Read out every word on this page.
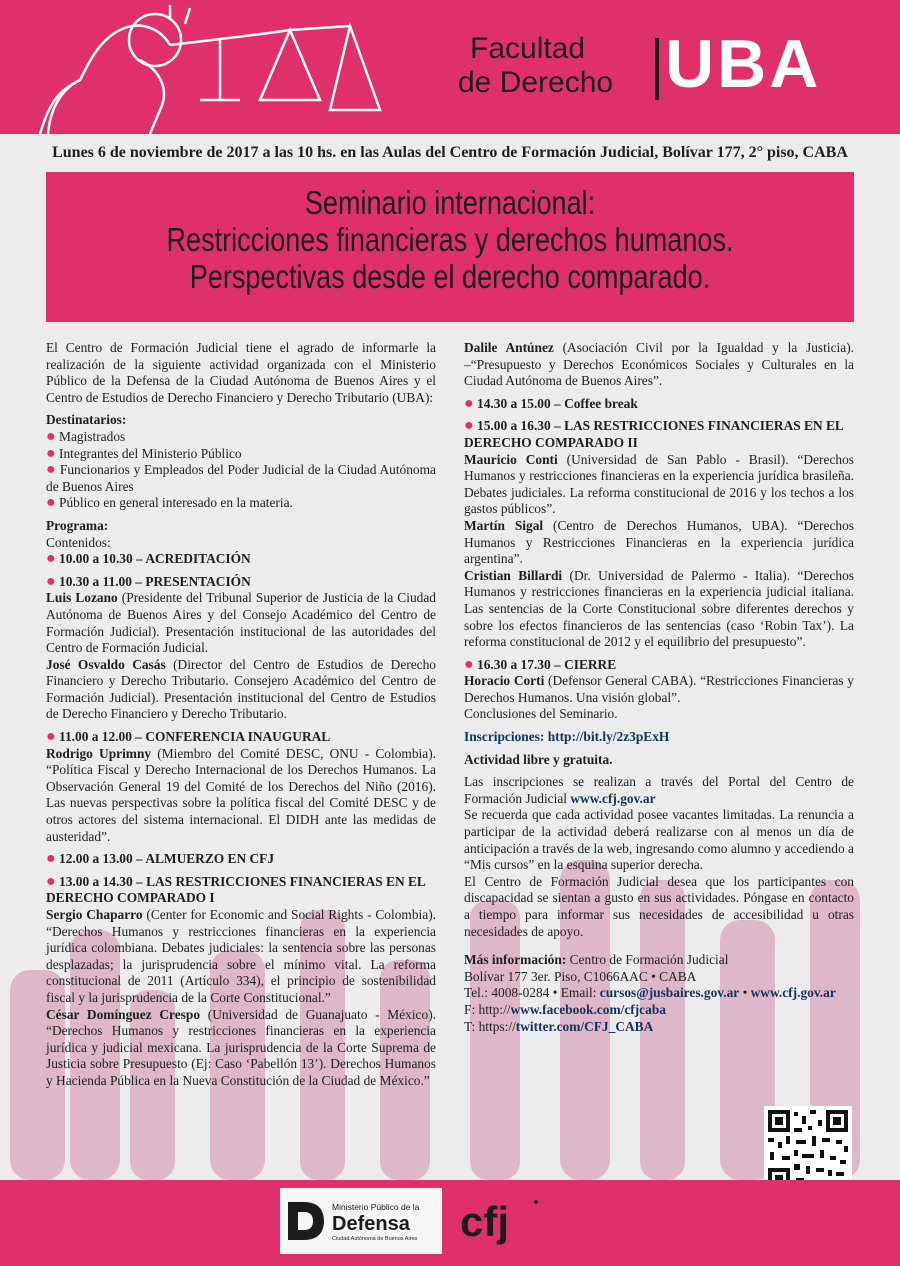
Facultad
de Derecho UBA
Lunes 6 de noviembre de 2017 a las 10 hs. en las Aulas del Centro de Formación Judicial, Bolívar 177, 2° piso, CABA
Seminario internacional:
Restricciones financieras y derechos humanos.
Perspectivas desde el derecho comparado.

El Centro de Formación Judicial tiene el agrado de informarle la realización de la siguiente actividad organizada con el Ministerio Público de la Defensa de la Ciudad Autónoma de Buenos Aires y el Centro de Estudios de Derecho Financiero y Derecho Tributario (UBA):

Destinatarios:

● Magistrados

● Integrantes del Ministerio Público

● Funcionarios y Empleados del Poder Judicial de la Ciudad Autónoma de Buenos Aires

● Público en general interesado en la materia.

Programa:

Contenidos:

● 10.00 a 10.30 – ACREDITACIÓN

● 10.30 a 11.00 – PRESENTACIÓN

Luis Lozano (Presidente del Tribunal Superior de Justicia de la Ciudad Autónoma de Buenos Aires y del Consejo Académico del Centro de Formación Judicial). Presentación institucional de las autoridades del Centro de Formación Judicial.

José Osvaldo Casás (Director del Centro de Estudios de Derecho Financiero y Derecho Tributario. Consejero Académico del Centro de Formación Judicial). Presentación institucional del Centro de Estudios de Derecho Financiero y Derecho Tributario.

● 11.00 a 12.00 – CONFERENCIA INAUGURAL

Rodrigo Uprimny (Miembro del Comité DESC, ONU - Colombia). “Política Fiscal y Derecho Internacional de los Derechos Humanos. La Observación General 19 del Comité de los Derechos del Niño (2016). Las nuevas perspectivas sobre la política fiscal del Comité DESC y de otros actores del sistema internacional. El DIDH ante las medidas de austeridad”.

● 12.00 a 13.00 – ALMUERZO EN CFJ

● 13.00 a 14.30 – LAS RESTRICCIONES FINANCIERAS EN EL DERECHO COMPARADO I

Sergio Chaparro (Center for Economic and Social Rights - Colombia). “Derechos Humanos y restricciones financieras en la experiencia jurídica colombiana. Debates judiciales: la sentencia sobre las personas desplazadas; la jurisprudencia sobre el mínimo vital. La reforma constitucional de 2011 (Artículo 334), el principio de sostenibilidad fiscal y la jurisprudencia de la Corte Constitucional.”

César Domínguez Crespo (Universidad de Guanajuato - México). “Derechos Humanos y restricciones financieras en la experiencia jurídica y judicial mexicana. La jurisprudencia de la Corte Suprema de Justicia sobre Presupuesto (Ej: Caso ‘Pabellón 13’). Derechos Humanos y Hacienda Pública en la Nueva Constitución de la Ciudad de México.”

Dalile Antúnez (Asociación Civil por la Igualdad y la Justicia). –“Presupuesto y Derechos Económicos Sociales y Culturales en la Ciudad Autónoma de Buenos Aires”.

● 14.30 a 15.00 – Coffee break

● 15.00 a 16.30 – LAS RESTRICCIONES FINANCIERAS EN EL DERECHO COMPARADO II

Mauricio Conti (Universidad de San Pablo - Brasil). “Derechos Humanos y restricciones financieras en la experiencia jurídica brasileña. Debates judiciales. La reforma constitucional de 2016 y los techos a los gastos públicos”.

Martín Sigal (Centro de Derechos Humanos, UBA). “Derechos Humanos y Restricciones Financieras en la experiencia jurídica argentina”.

Cristian Billardi (Dr. Universidad de Palermo - Italia). “Derechos Humanos y restricciones financieras en la experiencia judicial italiana. Las sentencias de la Corte Constitucional sobre diferentes derechos y sobre los efectos financieros de las sentencias (caso ‘Robin Tax’). La reforma constitucional de 2012 y el equilibrio del presupuesto”.

● 16.30 a 17.30 – CIERRE

Horacio Corti (Defensor General CABA). “Restricciones Financieras y Derechos Humanos. Una visión global”.

Conclusiones del Seminario.

Inscripciones: http://bit.ly/2z3pExH

Actividad libre y gratuita.

Las inscripciones se realizan a través del Portal del Centro de Formación Judicial www.cfj.gov.ar

Se recuerda que cada actividad posee vacantes limitadas. La renuncia a participar de la actividad deberá realizarse con al menos un día de anticipación a través de la web, ingresando como alumno y accediendo a “Mis cursos” en la esquina superior derecha.

El Centro de Formación Judicial desea que los participantes con discapacidad se sientan a gusto en sus actividades. Póngase en contacto a tiempo para informar sus necesidades de accesibilidad u otras necesidades de apoyo.

Más información: Centro de Formación Judicial

Bolívar 177 3er. Piso, C1066AAC • CABA

Tel.: 4008-0284 • Email: cursos@jusbaires.gov.ar • www.cfj.gov.ar

F: http://www.facebook.com/cfjcaba

T: https://twitter.com/CFJ_CABA

Ministerio Público de la
Defensa
Ciudad Autónoma de Buenos Aires cfj
